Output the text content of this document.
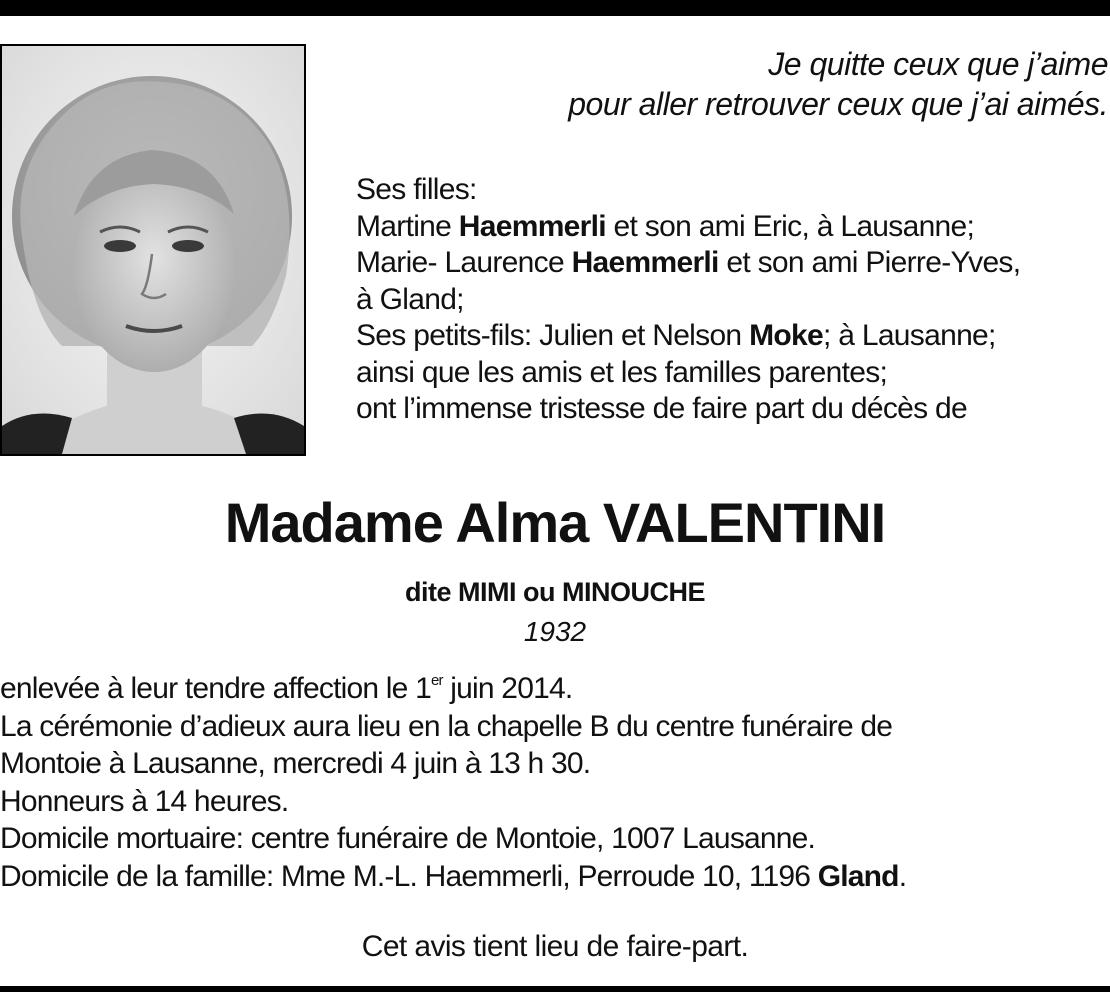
Je quitte ceux que j’aime
pour aller retrouver ceux que j’ai aimés.
Ses filles:
Martine Haemmerli et son ami Eric, à Lausanne;
Marie- Laurence Haemmerli et son ami Pierre-Yves,
à Gland;
Ses petits-fils: Julien et Nelson Moke; à Lausanne;
ainsi que les amis et les familles parentes;
ont l’immense tristesse de faire part du décès de
Madame Alma VALENTINI
dite MIMI ou MINOUCHE
1932
enlevée à leur tendre affection le 1er juin 2014.
La cérémonie d’adieux aura lieu en la chapelle B du centre funéraire de
Montoie à Lausanne, mercredi 4 juin à 13 h 30.
Honneurs à 14 heures.
Domicile mortuaire: centre funéraire de Montoie, 1007 Lausanne.
Domicile de la famille: Mme M.-L. Haemmerli, Perroude 10, 1196 Gland.
Cet avis tient lieu de faire-part.
